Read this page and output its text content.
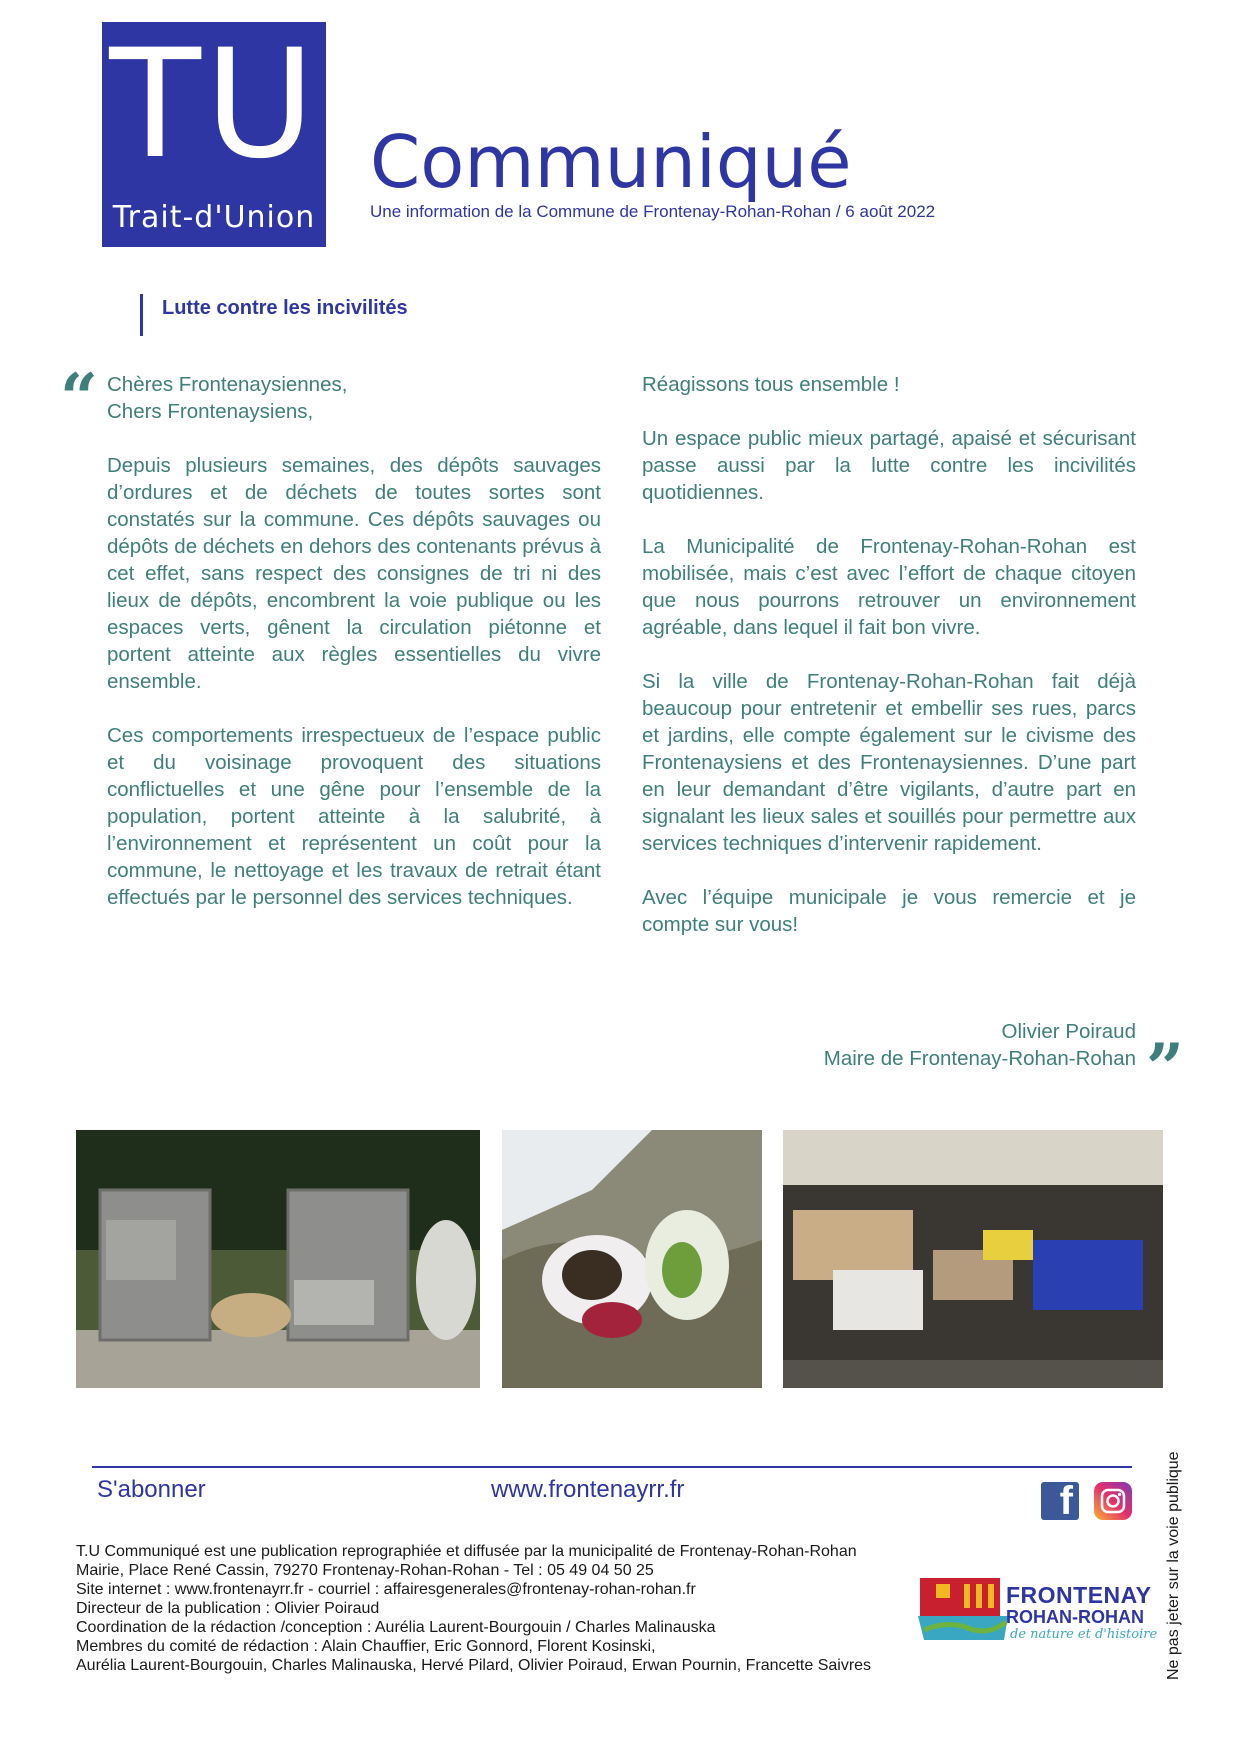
TU
Trait-d'Union
Communiqué
Une information de la Commune de Frontenay-Rohan-Rohan / 6 août 2022
Lutte contre les incivilités
“ Chères Frontenaysiennes,
Chers Frontenaysiens,

Depuis plusieurs semaines, des dépôts sauvages d’ordures et de déchets de toutes sortes sont constatés sur la commune. Ces dépôts sauvages ou dépôts de déchets en dehors des contenants prévus à cet effet, sans respect des consignes de tri ni des lieux de dépôts, encombrent la voie publique ou les espaces verts, gênent la circulation piétonne et portent atteinte aux règles essentielles du vivre ensemble.

Ces comportements irrespectueux de l’espace public et du voisinage provoquent des situations conflictuelles et une gêne pour l’ensemble de la population, portent atteinte à la salubrité, à l’environnement et représentent un coût pour la commune, le nettoyage et les travaux de retrait étant effectués par le personnel des services techniques.

Réagissons tous ensemble !

Un espace public mieux partagé, apaisé et sécurisant passe aussi par la lutte contre les incivilités quotidiennes.

La Municipalité de Frontenay-Rohan-Rohan est mobilisée, mais c’est avec l’effort de chaque citoyen que nous pourrons retrouver un environnement agréable, dans lequel il fait bon vivre.

Si la ville de Frontenay-Rohan-Rohan fait déjà beaucoup pour entretenir et embellir ses rues, parcs et jardins, elle compte également sur le civisme des Frontenaysiens et des Frontenaysiennes. D’une part en leur demandant d’être vigilants, d’autre part en signalant les lieux sales et souillés pour permettre aux services techniques d’intervenir rapidement.

Avec l’équipe municipale je vous remercie et je compte sur vous!

Olivier Poiraud
Maire de Frontenay-Rohan-Rohan ”
S'abonner	www.frontenayrr.fr	f
T.U Communiqué est une publication reprographiée et diffusée par la municipalité de Frontenay-Rohan-Rohan
Mairie, Place René Cassin, 79270 Frontenay-Rohan-Rohan - Tel : 05 49 04 50 25
Site internet : www.frontenayrr.fr - courriel : affairesgenerales@frontenay-rohan-rohan.fr
Directeur de la publication : Olivier Poiraud
Coordination de la rédaction /conception : Aurélia Laurent-Bourgouin / Charles Malinauska
Membres du comité de rédaction : Alain Chauffier, Eric Gonnord, Florent Kosinski,
Aurélia Laurent-Bourgouin, Charles Malinauska, Hervé Pilard, Olivier Poiraud, Erwan Pournin, Francette Saivres
FRONTENAY
ROHAN-ROHAN
de nature et d'histoire Ne pas jeter sur la voie publique
